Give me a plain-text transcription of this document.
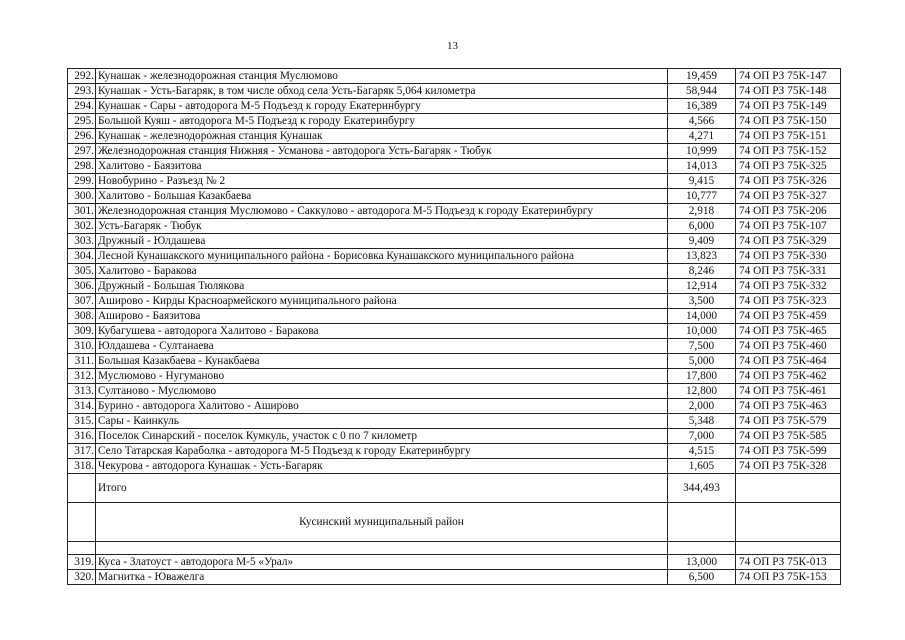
13
292.	Кунашак - железнодорожная станция Муслюмово	19,459	74 ОП РЗ 75К-147
293.	Кунашак - Усть-Багаряк, в том числе обход села Усть-Багаряк 5,064 километра	58,944	74 ОП РЗ 75К-148
294.	Кунашак - Сары - автодорога М-5 Подъезд к городу Екатеринбургу	16,389	74 ОП РЗ 75К-149
295.	Большой Куяш - автодорога М-5 Подъезд к городу Екатеринбургу	4,566	74 ОП РЗ 75К-150
296.	Кунашак - железнодорожная станция Кунашак	4,271	74 ОП РЗ 75К-151
297.	Железнодорожная станция Нижняя - Усманова - автодорога Усть-Багаряк - Тюбук	10,999	74 ОП РЗ 75К-152
298.	Халитово - Баязитова	14,013	74 ОП РЗ 75К-325
299.	Новобурино - Разъезд № 2	9,415	74 ОП РЗ 75К-326
300.	Халитово - Большая Казакбаева	10,777	74 ОП РЗ 75К-327
301.	Железнодорожная станция Муслюмово - Саккулово - автодорога М-5 Подъезд к городу Екатеринбургу	2,918	74 ОП РЗ 75К-206
302.	Усть-Багаряк - Тюбук	6,000	74 ОП РЗ 75К-107
303.	Дружный - Юлдашева	9,409	74 ОП РЗ 75К-329
304.	Лесной Кунашакского муниципального района - Борисовка Кунашакского муниципального района	13,823	74 ОП РЗ 75К-330
305.	Халитово - Баракова	8,246	74 ОП РЗ 75К-331
306.	Дружный - Большая Тюлякова	12,914	74 ОП РЗ 75К-332
307.	Аширово - Кирды Красноармейского муниципального района	3,500	74 ОП РЗ 75К-323
308.	Аширово - Баязитова	14,000	74 ОП РЗ 75К-459
309.	Кубагушева - автодорога Халитово - Баракова	10,000	74 ОП РЗ 75К-465
310.	Юлдашева - Султанаева	7,500	74 ОП РЗ 75К-460
311.	Большая Казакбаева - Кунакбаева	5,000	74 ОП РЗ 75К-464
312.	Муслюмово - Нугуманово	17,800	74 ОП РЗ 75К-462
313.	Султаново - Муслюмово	12,800	74 ОП РЗ 75К-461
314.	Бурино - автодорога Халитово - Аширово	2,000	74 ОП РЗ 75К-463
315.	Сары - Каинкуль	5,348	74 ОП РЗ 75К-579
316.	Поселок Синарский - поселок Кумкуль, участок с 0 по 7 километр	7,000	74 ОП РЗ 75К-585
317.	Село Татарская Караболка - автодорога М-5 Подъезд к городу Екатеринбургу	4,515	74 ОП РЗ 75К-599
318.	Чекурова - автодорога Кунашак - Усть-Багаряк	1,605	74 ОП РЗ 75К-328
	Итого	344,493	
	Кусинский муниципальный район		

319.	Куса - Златоуст - автодорога М-5 «Урал»	13,000	74 ОП РЗ 75К-013
320.	Магнитка - Юважелга	6,500	74 ОП РЗ 75К-153
